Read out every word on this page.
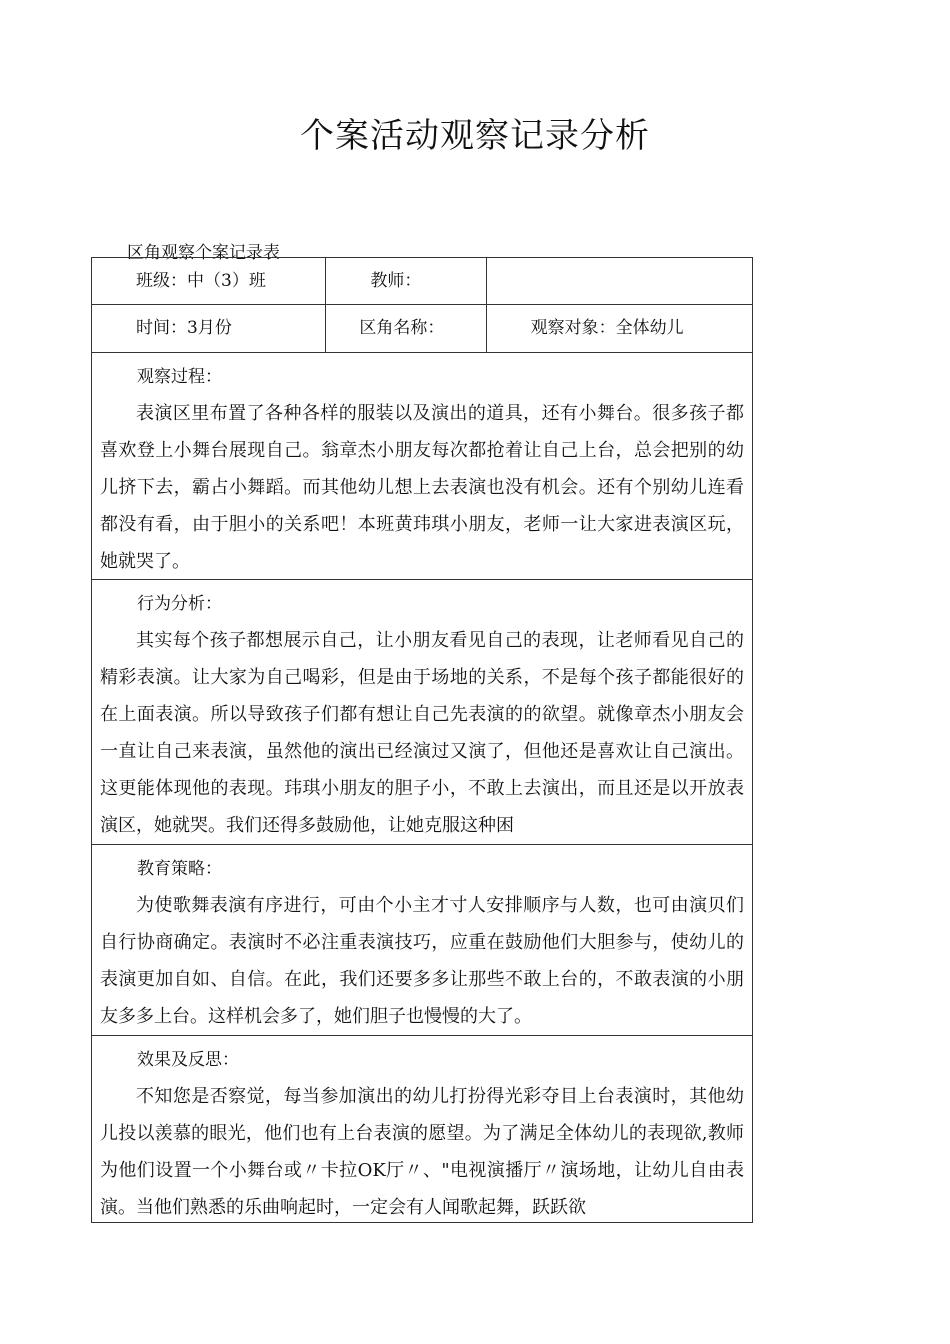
个案活动观察记录分析
区角观察个案记录表
班级：中（3）班	教师：	
时间：3月份	区角名称：	观察对象：全体幼儿

观察过程：
表演区里布置了各种各样的服装以及演出的道具，还有小舞台。很多孩子都喜欢登上小舞台展现自己。翁章杰小朋友每次都抢着让自己上台，总会把别的幼儿挤下去，霸占小舞蹈。而其他幼儿想上去表演也没有机会。还有个别幼儿连看都没有看，由于胆小的关系吧！本班黄玮琪小朋友，老师一让大家进表演区玩，她就哭了。		

行为分析：
其实每个孩子都想展示自己，让小朋友看见自己的表现，让老师看见自己的精彩表演。让大家为自己喝彩，但是由于场地的关系，不是每个孩子都能很好的在上面表演。所以导致孩子们都有想让自己先表演的的欲望。就像章杰小朋友会一直让自己来表演，虽然他的演出已经演过又演了，但他还是喜欢让自己演出。这更能体现他的表现。玮琪小朋友的胆子小，不敢上去演出，而且还是以开放表演区，她就哭。我们还得多鼓励他，让她克服这种困		

教育策略：
为使歌舞表演有序进行，可由个小主才寸人安排顺序与人数，也可由演贝们自行协商确定。表演时不必注重表演技巧，应重在鼓励他们大胆参与，使幼儿的表演更加自如、自信。在此，我们还要多多让那些不敢上台的，不敢表演的小朋友多多上台。这样机会多了，她们胆子也慢慢的大了。		

效果及反思：
不知您是否察觉，每当参加演出的幼儿打扮得光彩夺目上台表演时，其他幼儿投以羡慕的眼光，他们也有上台表演的愿望。为了满足全体幼儿的表现欲,教师为他们设置一个小舞台或〃卡拉OK厅〃、"电视演播厅〃演场地，让幼儿自由表演。当他们熟悉的乐曲响起时，一定会有人闻歌起舞，跃跃欲		
